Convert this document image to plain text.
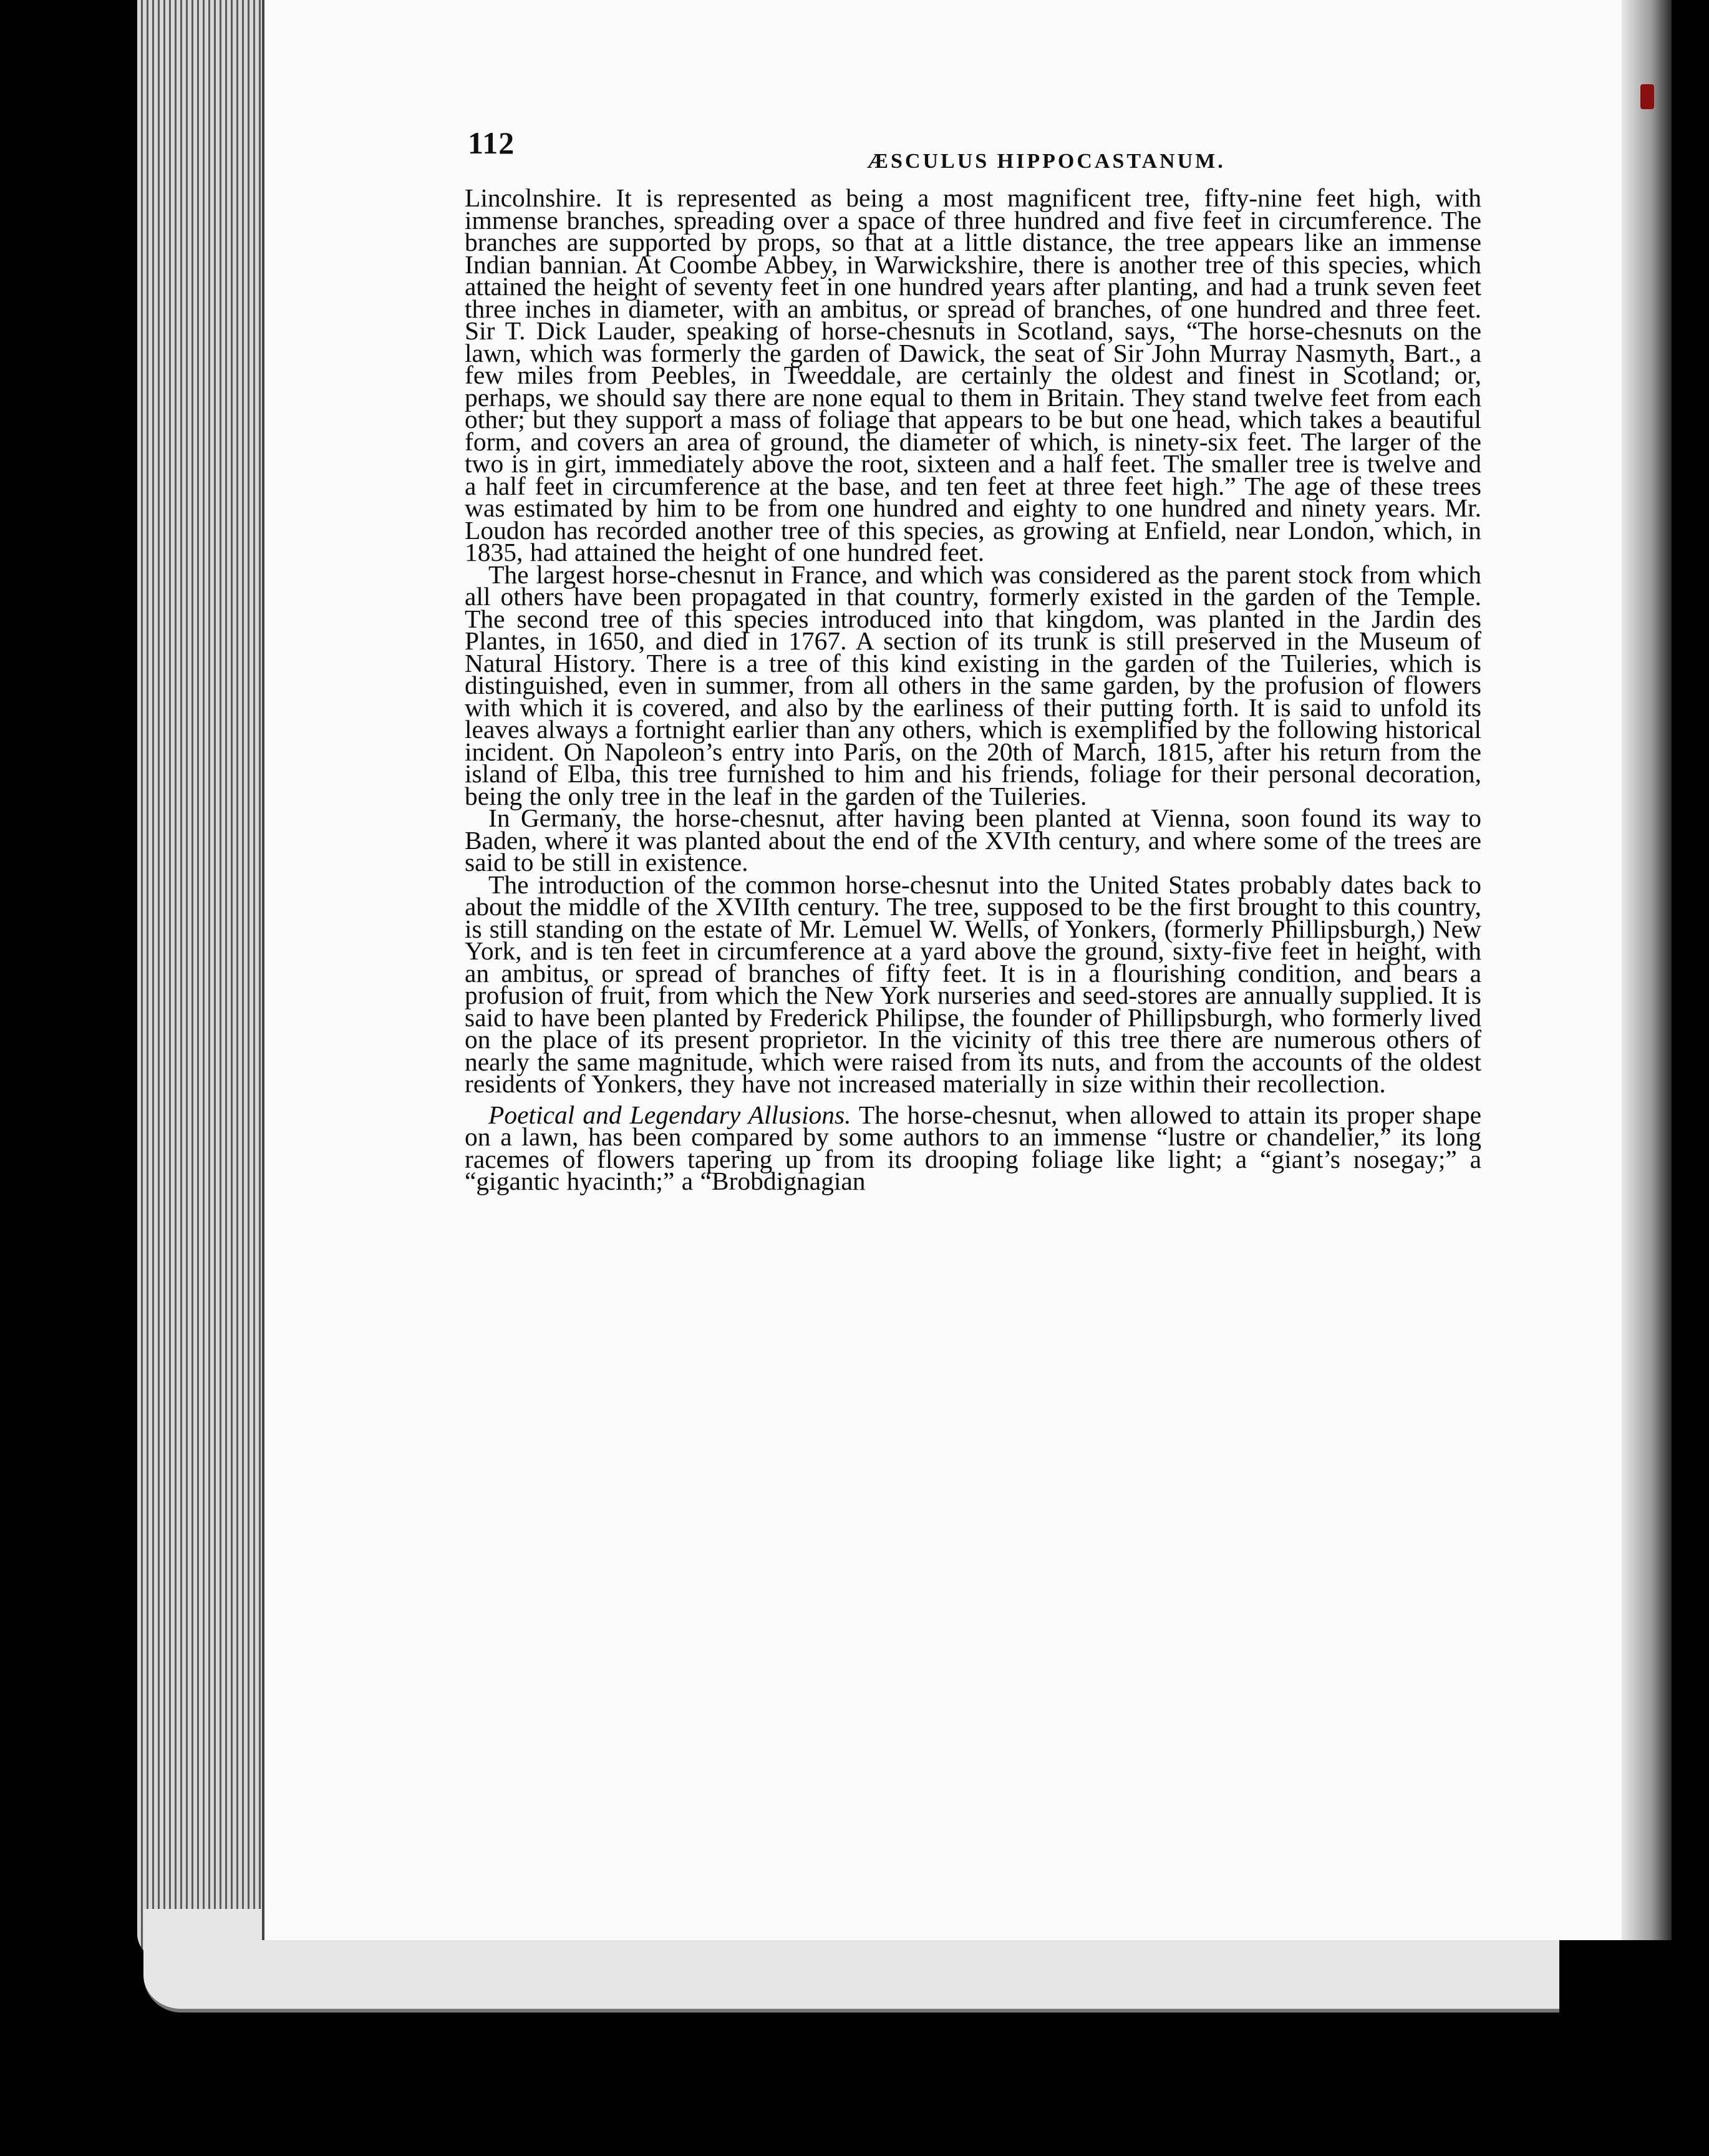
112
ÆSCULUS HIPPOCASTANUM.

Lincolnshire. It is represented as being a most magnificent tree, fifty-nine feet high, with immense branches, spreading over a space of three hundred and five feet in circumference. The branches are supported by props, so that at a little distance, the tree appears like an immense Indian bannian. At Coombe Abbey, in Warwickshire, there is another tree of this species, which attained the height of seventy feet in one hundred years after planting, and had a trunk seven feet three inches in diameter, with an ambitus, or spread of branches, of one hundred and three feet. Sir T. Dick Lauder, speaking of horse-chesnuts in Scotland, says, “The horse-chesnuts on the lawn, which was formerly the garden of Dawick, the seat of Sir John Murray Nasmyth, Bart., a few miles from Peebles, in Tweeddale, are certainly the oldest and finest in Scotland; or, perhaps, we should say there are none equal to them in Britain. They stand twelve feet from each other; but they support a mass of foliage that appears to be but one head, which takes a beautiful form, and covers an area of ground, the diameter of which, is ninety-six feet. The larger of the two is in girt, immediately above the root, sixteen and a half feet. The smaller tree is twelve and a half feet in circumference at the base, and ten feet at three feet high.” The age of these trees was estimated by him to be from one hundred and eighty to one hundred and ninety years. Mr. Loudon has recorded another tree of this species, as growing at Enfield, near London, which, in 1835, had attained the height of one hundred feet.

The largest horse-chesnut in France, and which was considered as the parent stock from which all others have been propagated in that country, formerly existed in the garden of the Temple. The second tree of this species introduced into that kingdom, was planted in the Jardin des Plantes, in 1650, and died in 1767. A section of its trunk is still preserved in the Museum of Natural History. There is a tree of this kind existing in the garden of the Tuileries, which is distinguished, even in summer, from all others in the same garden, by the profusion of flowers with which it is covered, and also by the earliness of their putting forth. It is said to unfold its leaves always a fortnight earlier than any others, which is exemplified by the following historical incident. On Napoleon’s entry into Paris, on the 20th of March, 1815, after his return from the island of Elba, this tree furnished to him and his friends, foliage for their personal decoration, being the only tree in the leaf in the garden of the Tuileries.

In Germany, the horse-chesnut, after having been planted at Vienna, soon found its way to Baden, where it was planted about the end of the XVIth century, and where some of the trees are said to be still in existence.

The introduction of the common horse-chesnut into the United States probably dates back to about the middle of the XVIIth century. The tree, supposed to be the first brought to this country, is still standing on the estate of Mr. Lemuel W. Wells, of Yonkers, (formerly Phillipsburgh,) New York, and is ten feet in circumference at a yard above the ground, sixty-five feet in height, with an ambitus, or spread of branches of fifty feet. It is in a flourishing condition, and bears a profusion of fruit, from which the New York nurseries and seed-stores are annually supplied. It is said to have been planted by Frederick Philipse, the founder of Phillipsburgh, who formerly lived on the place of its present proprietor. In the vicinity of this tree there are numerous others of nearly the same magnitude, which were raised from its nuts, and from the accounts of the oldest residents of Yonkers, they have not increased materially in size within their recollection.

Poetical and Legendary Allusions. The horse-chesnut, when allowed to attain its proper shape on a lawn, has been compared by some authors to an immense “lustre or chandelier,” its long racemes of flowers tapering up from its drooping foliage like light; a “giant’s nosegay;” a “gigantic hyacinth;” a “Brobdignagian
